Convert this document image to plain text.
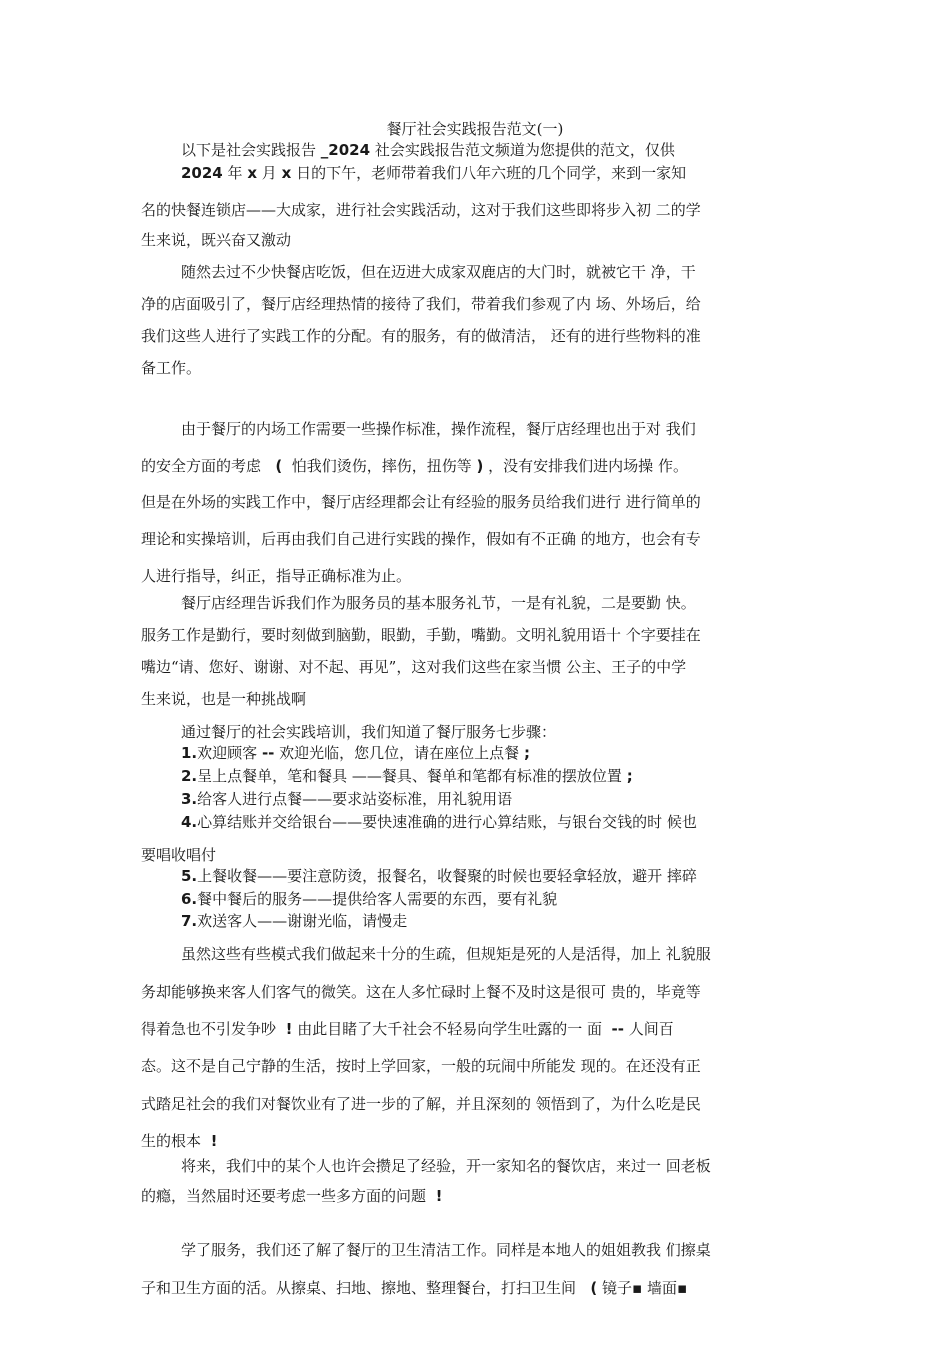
餐厅社会实践报告范文(一)
以下是社会实践报告 _2024 社会实践报告范文频道为您提供的范文，仅供
2024 年 x 月 x 日的下午，老师带着我们八年六班的几个同学，来到一家知
名的快餐连锁店——大成家，进行社会实践活动，这对于我们这些即将步入初 二的学
生来说，既兴奋又激动
随然去过不少快餐店吃饭，但在迈进大成家双鹿店的大门时，就被它干 净，干
净的店面吸引了，餐厅店经理热情的接待了我们，带着我们参观了内 场、外场后，给
我们这些人进行了实践工作的分配。有的服务，有的做清洁， 还有的进行些物料的准
备工作。
由于餐厅的内场工作需要一些操作标准，操作流程，餐厅店经理也出于对 我们
的安全方面的考虑 ( 怕我们烫伤，摔伤，扭伤等 ) ，没有安排我们进内场操 作。
但是在外场的实践工作中，餐厅店经理都会让有经验的服务员给我们进行 进行简单的
理论和实操培训，后再由我们自己进行实践的操作，假如有不正确 的地方，也会有专
人进行指导，纠正，指导正确标准为止。
餐厅店经理告诉我们作为服务员的基本服务礼节，一是有礼貌，二是要勤 快。
服务工作是勤行，要时刻做到脑勤，眼勤，手勤，嘴勤。文明礼貌用语十 个字要挂在
嘴边“请、您好、谢谢、对不起、再见”，这对我们这些在家当惯 公主、王子的中学
生来说，也是一种挑战啊
通过餐厅的社会实践培训，我们知道了餐厅服务七步骤：
1.欢迎顾客 -- 欢迎光临，您几位，请在座位上点餐 ;
2.呈上点餐单，笔和餐具 ——餐具、餐单和笔都有标准的摆放位置 ;
3.给客人进行点餐——要求站姿标准，用礼貌用语
4.心算结账并交给银台——要快速准确的进行心算结账，与银台交钱的时 候也
要唱收唱付
5.上餐收餐——要注意防烫，报餐名，收餐聚的时候也要轻拿轻放，避开 摔碎
6.餐中餐后的服务——提供给客人需要的东西，要有礼貌
7.欢送客人——谢谢光临，请慢走
虽然这些有些模式我们做起来十分的生疏，但规矩是死的人是活得，加上 礼貌服
务却能够换来客人们客气的微笑。这在人多忙碌时上餐不及时这是很可 贵的，毕竟等
得着急也不引发争吵 ! 由此目睹了大千社会不轻易向学生吐露的一 面 -- 人间百
态。这不是自己宁静的生活，按时上学回家，一般的玩闹中所能发 现的。在还没有正
式踏足社会的我们对餐饮业有了进一步的了解，并且深刻的 领悟到了，为什么吃是民
生的根本 !
将来，我们中的某个人也许会攒足了经验，开一家知名的餐饮店，来过一 回老板
的瘾，当然届时还要考虑一些多方面的问题 !
学了服务，我们还了解了餐厅的卫生清洁工作。同样是本地人的姐姐教我 们擦桌
子和卫生方面的活。从擦桌、扫地、擦地、整理餐台，打扫卫生间 ( 镜子▪ 墙面▪
